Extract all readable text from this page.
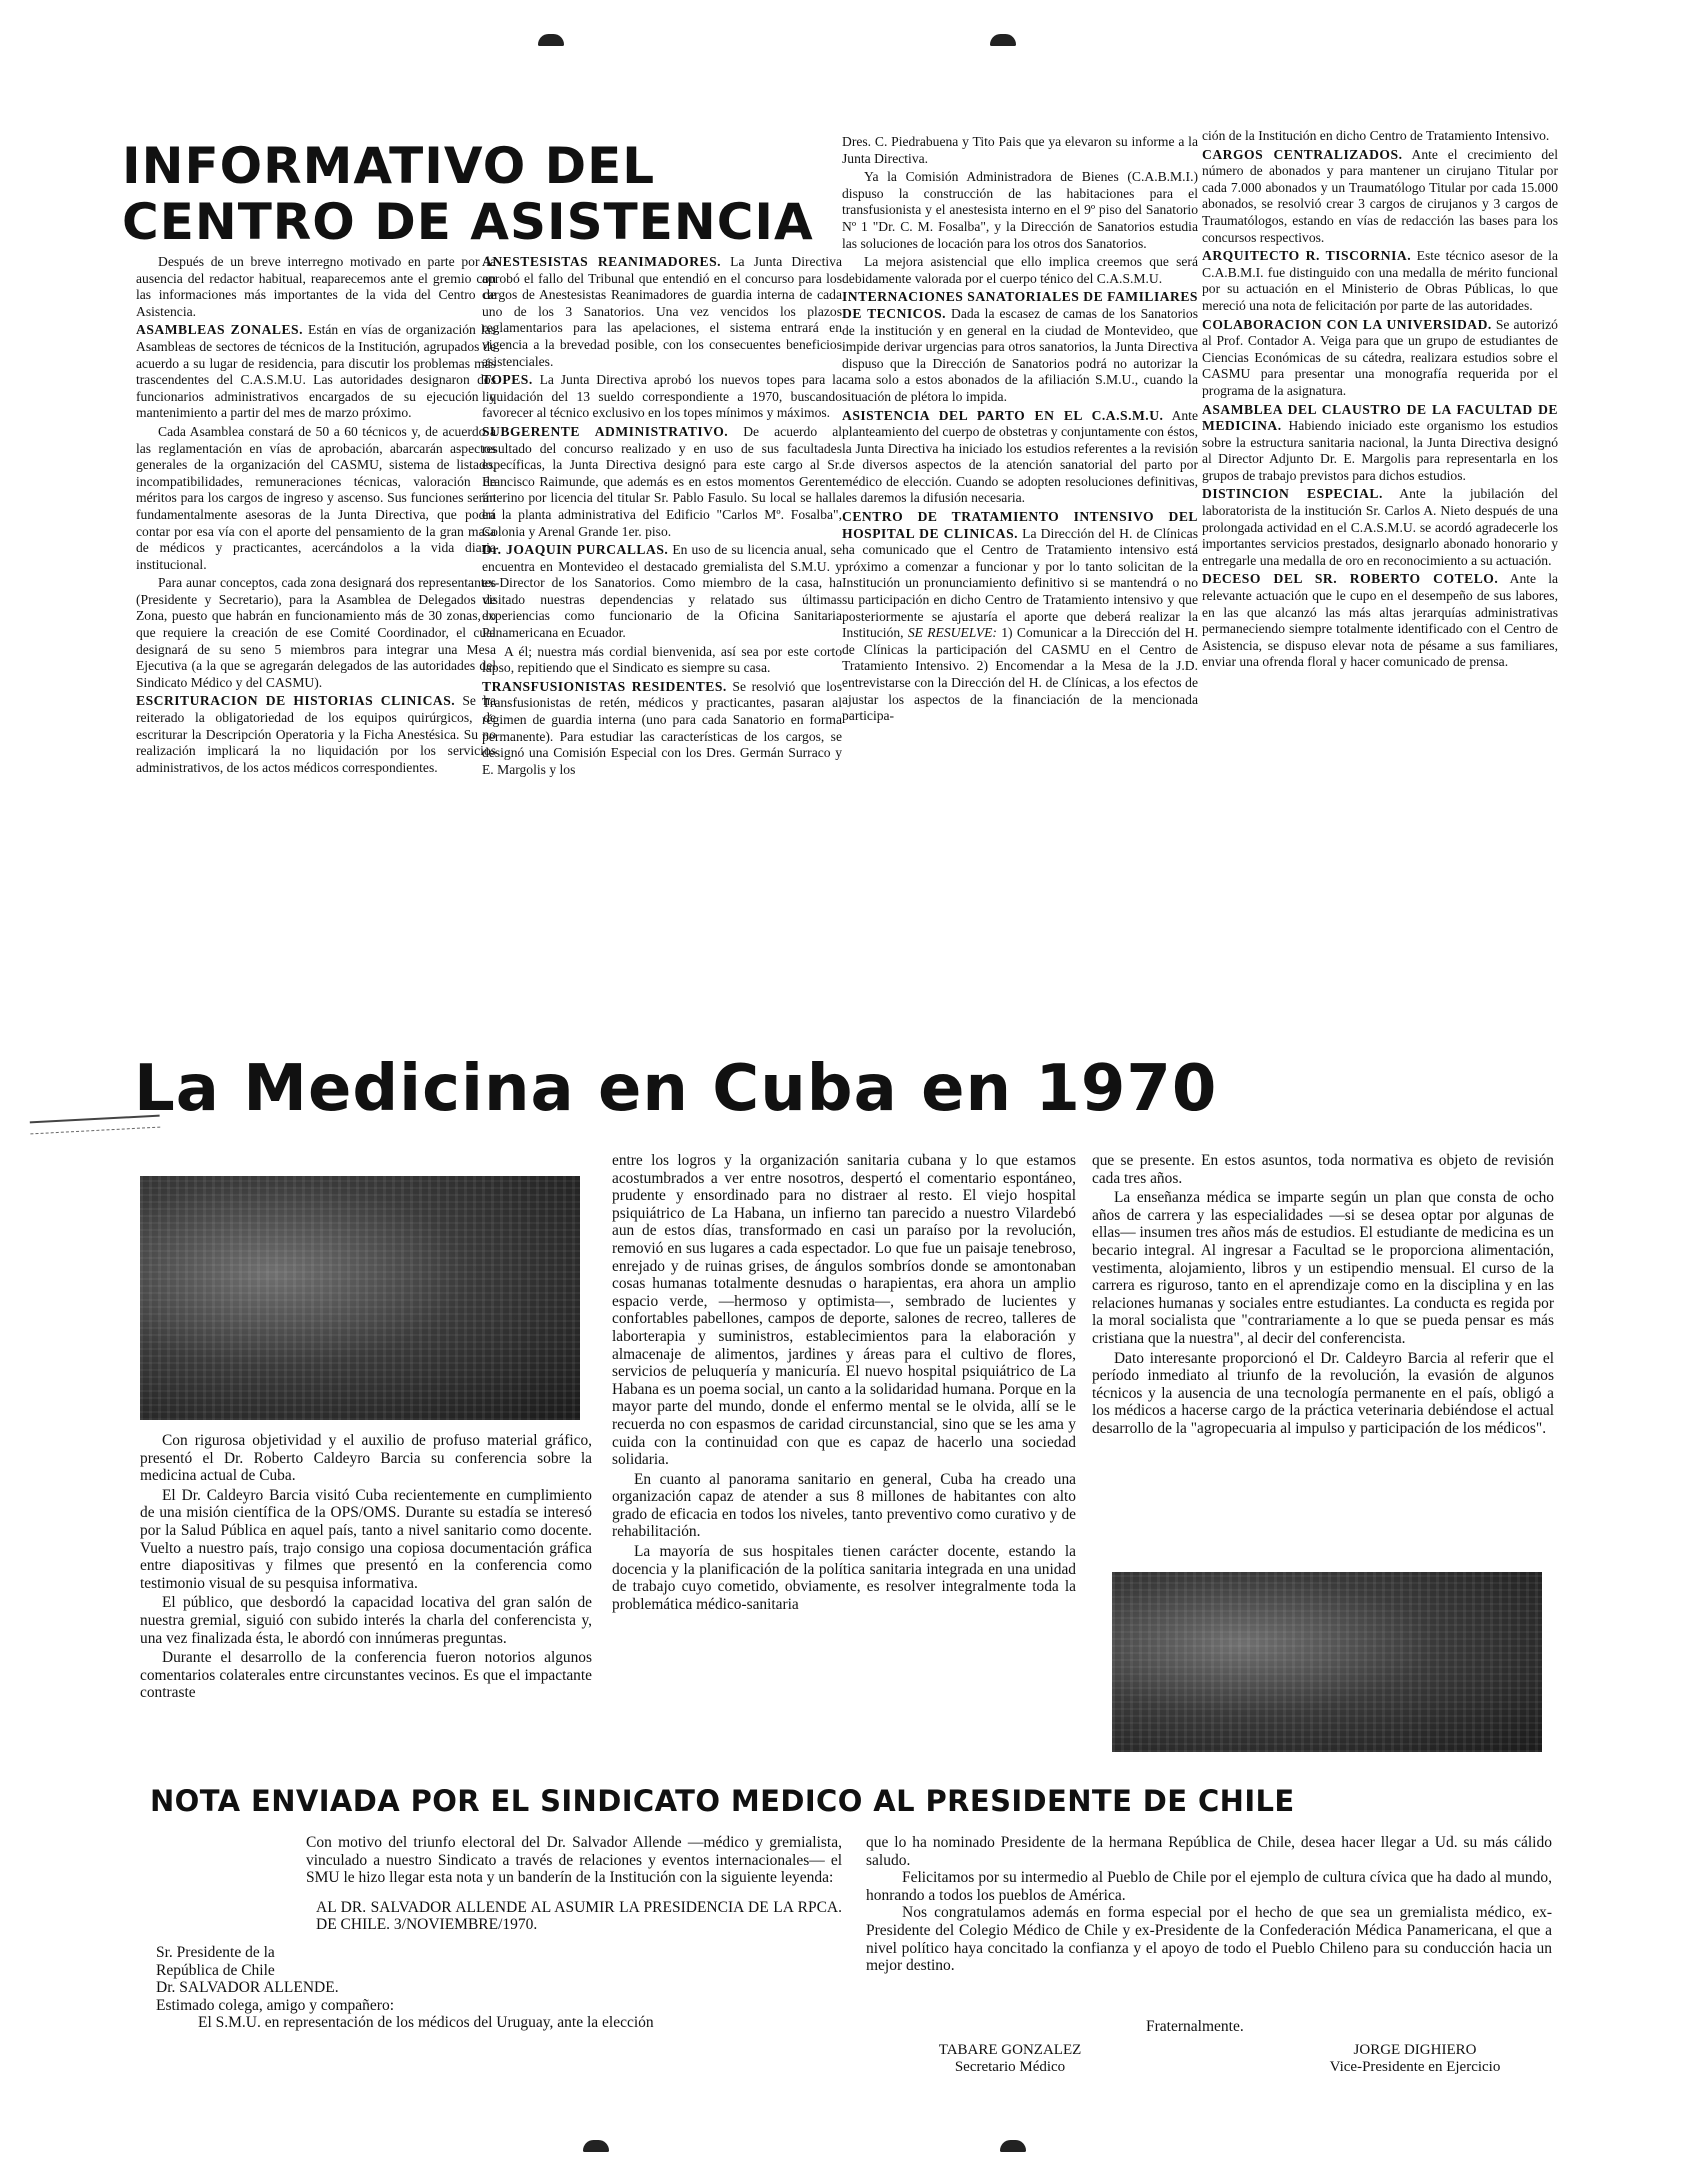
INFORMATIVO DEL
CENTRO DE ASISTENCIA

Después de un breve interregno motivado en parte por la ausencia del redactor habitual, reaparecemos ante el gremio con las informaciones más importantes de la vida del Centro de Asistencia.

ASAMBLEAS ZONALES. Están en vías de organización las Asambleas de sectores de técnicos de la Institución, agrupados de acuerdo a su lugar de residencia, para discutir los problemas más trascendentes del C.A.S.M.U. Las autoridades designaron dos funcionarios administrativos encargados de su ejecución y mantenimiento a partir del mes de marzo próximo.

Cada Asamblea constará de 50 a 60 técnicos y, de acuerdo a las reglamentación en vías de aprobación, abarcarán aspectos generales de la organización del CASMU, sistema de listado, incompatibilidades, remuneraciones técnicas, valoración de méritos para los cargos de ingreso y ascenso. Sus funciones serán fundamentalmente asesoras de la Junta Directiva, que podrá contar por esa vía con el aporte del pensamiento de la gran masa de médicos y practicantes, acercándolos a la vida diaria institucional.

Para aunar conceptos, cada zona designará dos representantes (Presidente y Secretario), para la Asamblea de Delegados de Zona, puesto que habrán en funcionamiento más de 30 zonas, lo que requiere la creación de ese Comité Coordinador, el cual designará de su seno 5 miembros para integrar una Mesa Ejecutiva (a la que se agregarán delegados de las autoridades del Sindicato Médico y del CASMU).

ESCRITURACION DE HISTORIAS CLINICAS. Se ha reiterado la obligatoriedad de los equipos quirúrgicos, de escriturar la Descripción Operatoria y la Ficha Anestésica. Su no realización implicará la no liquidación por los servicios administrativos, de los actos médicos correspondientes.

ANESTESISTAS REANIMADORES. La Junta Directiva aprobó el fallo del Tribunal que entendió en el concurso para los cargos de Anestesistas Reanimadores de guardia interna de cada uno de los 3 Sanatorios. Una vez vencidos los plazos reglamentarios para las apelaciones, el sistema entrará en vigencia a la brevedad posible, con los consecuentes beneficios asistenciales.

TOPES. La Junta Directiva aprobó los nuevos topes para la liquidación del 13 sueldo correspondiente a 1970, buscando favorecer al técnico exclusivo en los topes mínimos y máximos.

SUBGERENTE ADMINISTRATIVO. De acuerdo al resultado del concurso realizado y en uso de sus facultades específicas, la Junta Directiva designó para este cargo al Sr. Francisco Raimunde, que además es en estos momentos Gerente interino por licencia del titular Sr. Pablo Fasulo. Su local se halla en la planta administrativa del Edificio "Carlos Mº. Fosalba", Colonia y Arenal Grande 1er. piso.

Dr. JOAQUIN PURCALLAS. En uso de su licencia anual, se encuentra en Montevideo el destacado gremialista del S.M.U. y ex-Director de los Sanatorios. Como miembro de la casa, ha visitado nuestras dependencias y relatado sus últimas experiencias como funcionario de la Oficina Sanitaria Panamericana en Ecuador.

A él; nuestra más cordial bienvenida, así sea por este corto lapso, repitiendo que el Sindicato es siempre su casa.

TRANSFUSIONISTAS RESIDENTES. Se resolvió que los Transfusionistas de retén, médicos y practicantes, pasaran al régimen de guardia interna (uno para cada Sanatorio en forma permanente). Para estudiar las características de los cargos, se designó una Comisión Especial con los Dres. Germán Surraco y E. Margolis y los

Dres. C. Piedrabuena y Tito Pais que ya elevaron su informe a la Junta Directiva.

Ya la Comisión Administradora de Bienes (C.A.B.M.I.) dispuso la construcción de las habitaciones para el transfusionista y el anestesista interno en el 9º piso del Sanatorio Nº 1 "Dr. C. M. Fosalba", y la Dirección de Sanatorios estudia las soluciones de locación para los otros dos Sanatorios.

La mejora asistencial que ello implica creemos que será debidamente valorada por el cuerpo ténico del C.A.S.M.U.

INTERNACIONES SANATORIALES DE FAMILIARES DE TECNICOS. Dada la escasez de camas de los Sanatorios de la institución y en general en la ciudad de Montevideo, que impide derivar urgencias para otros sanatorios, la Junta Directiva dispuso que la Dirección de Sanatorios podrá no autorizar la cama solo a estos abonados de la afiliación S.M.U., cuando la situación de plétora lo impida.

ASISTENCIA DEL PARTO EN EL C.A.S.M.U. Ante planteamiento del cuerpo de obstetras y conjuntamente con éstos, la Junta Directiva ha iniciado los estudios referentes a la revisión de diversos aspectos de la atención sanatorial del parto por médico de elección. Cuando se adopten resoluciones definitivas, les daremos la difusión necesaria.

CENTRO DE TRATAMIENTO INTENSIVO DEL HOSPITAL DE CLINICAS. La Dirección del H. de Clínicas ha comunicado que el Centro de Tratamiento intensivo está próximo a comenzar a funcionar y por lo tanto solicitan de la Institución un pronunciamiento definitivo si se mantendrá o no su participación en dicho Centro de Tratamiento intensivo y que posteriormente se ajustaría el aporte que deberá realizar la Institución, SE RESUELVE: 1) Comunicar a la Dirección del H. de Clínicas la participación del CASMU en el Centro de Tratamiento Intensivo. 2) Encomendar a la Mesa de la J.D. entrevistarse con la Dirección del H. de Clínicas, a los efectos de ajustar los aspectos de la financiación de la mencionada participa-

ción de la Institución en dicho Centro de Tratamiento Intensivo.

CARGOS CENTRALIZADOS. Ante el crecimiento del número de abonados y para mantener un cirujano Titular por cada 7.000 abonados y un Traumatólogo Titular por cada 15.000 abonados, se resolvió crear 3 cargos de cirujanos y 3 cargos de Traumatólogos, estando en vías de redacción las bases para los concursos respectivos.

ARQUITECTO R. TISCORNIA. Este técnico asesor de la C.A.B.M.I. fue distinguido con una medalla de mérito funcional por su actuación en el Ministerio de Obras Públicas, lo que mereció una nota de felicitación por parte de las autoridades.

COLABORACION CON LA UNIVERSIDAD. Se autorizó al Prof. Contador A. Veiga para que un grupo de estudiantes de Ciencias Económicas de su cátedra, realizara estudios sobre el CASMU para presentar una monografía requerida por el programa de la asignatura.

ASAMBLEA DEL CLAUSTRO DE LA FACULTAD DE MEDICINA. Habiendo iniciado este organismo los estudios sobre la estructura sanitaria nacional, la Junta Directiva designó al Director Adjunto Dr. E. Margolis para representarla en los grupos de trabajo previstos para dichos estudios.

DISTINCION ESPECIAL. Ante la jubilación del laboratorista de la institución Sr. Carlos A. Nieto después de una prolongada actividad en el C.A.S.M.U. se acordó agradecerle los importantes servicios prestados, designarlo abonado honorario y entregarle una medalla de oro en reconocimiento a su actuación.

DECESO DEL SR. ROBERTO COTELO. Ante la relevante actuación que le cupo en el desempeño de sus labores, en las que alcanzó las más altas jerarquías administrativas permaneciendo siempre totalmente identificado con el Centro de Asistencia, se dispuso elevar nota de pésame a sus familiares, enviar una ofrenda floral y hacer comunicado de prensa.

La Medicina en Cuba en 1970

Con rigurosa objetividad y el auxilio de profuso material gráfico, presentó el Dr. Roberto Caldeyro Barcia su conferencia sobre la medicina actual de Cuba.

El Dr. Caldeyro Barcia visitó Cuba recientemente en cumplimiento de una misión científica de la OPS/OMS. Durante su estadía se interesó por la Salud Pública en aquel país, tanto a nivel sanitario como docente. Vuelto a nuestro país, trajo consigo una copiosa documentación gráfica entre diapositivas y filmes que presentó en la conferencia como testimonio visual de su pesquisa informativa.

El público, que desbordó la capacidad locativa del gran salón de nuestra gremial, siguió con subido interés la charla del conferencista y, una vez finalizada ésta, le abordó con innúmeras preguntas.

Durante el desarrollo de la conferencia fueron notorios algunos comentarios colaterales entre circunstantes vecinos. Es que el impactante contraste

entre los logros y la organización sanitaria cubana y lo que estamos acostumbrados a ver entre nosotros, despertó el comentario espontáneo, prudente y ensordinado para no distraer al resto. El viejo hospital psiquiátrico de La Habana, un infierno tan parecido a nuestro Vilardebó aun de estos días, transformado en casi un paraíso por la revolución, removió en sus lugares a cada espectador. Lo que fue un paisaje tenebroso, enrejado y de ruinas grises, de ángulos sombríos donde se amontonaban cosas humanas totalmente desnudas o harapientas, era ahora un amplio espacio verde, —hermoso y optimista—, sembrado de lucientes y confortables pabellones, campos de deporte, salones de recreo, talleres de laborterapia y suministros, establecimientos para la elaboración y almacenaje de alimentos, jardines y áreas para el cultivo de flores, servicios de peluquería y manicuría. El nuevo hospital psiquiátrico de La Habana es un poema social, un canto a la solidaridad humana. Porque en la mayor parte del mundo, donde el enfermo mental se le olvida, allí se le recuerda no con espasmos de caridad circunstancial, sino que se les ama y cuida con la continuidad con que es capaz de hacerlo una sociedad solidaria.

En cuanto al panorama sanitario en general, Cuba ha creado una organización capaz de atender a sus 8 millones de habitantes con alto grado de eficacia en todos los niveles, tanto preventivo como curativo y de rehabilitación.

La mayoría de sus hospitales tienen carácter docente, estando la docencia y la planificación de la política sanitaria integrada en una unidad de trabajo cuyo cometido, obviamente, es resolver integralmente toda la problemática médico-sanitaria

que se presente. En estos asuntos, toda normativa es objeto de revisión cada tres años.

La enseñanza médica se imparte según un plan que consta de ocho años de carrera y las especialidades —si se desea optar por algunas de ellas— insumen tres años más de estudios. El estudiante de medicina es un becario integral. Al ingresar a Facultad se le proporciona alimentación, vestimenta, alojamiento, libros y un estipendio mensual. El curso de la carrera es riguroso, tanto en el aprendizaje como en la disciplina y en las relaciones humanas y sociales entre estudiantes. La conducta es regida por la moral socialista que "contrariamente a lo que se pueda pensar es más cristiana que la nuestra", al decir del conferencista.

Dato interesante proporcionó el Dr. Caldeyro Barcia al referir que el período inmediato al triunfo de la revolución, la evasión de algunos técnicos y la ausencia de una tecnología permanente en el país, obligó a los médicos a hacerse cargo de la práctica veterinaria debiéndose el actual desarrollo de la "agropecuaria al impulso y participación de los médicos".

NOTA ENVIADA POR EL SINDICATO MEDICO AL PRESIDENTE DE CHILE

Con motivo del triunfo electoral del Dr. Salvador Allende —médico y gremialista, vinculado a nuestro Sindicato a través de relaciones y eventos internacionales— el SMU le hizo llegar esta nota y un banderín de la Institución con la siguiente leyenda:

AL DR. SALVADOR ALLENDE AL ASUMIR LA PRESIDENCIA DE LA RPCA. DE CHILE. 3/NOVIEMBRE/1970.

Sr. Presidente de la

República de Chile

Dr. SALVADOR ALLENDE.

Estimado colega, amigo y compañero:

El S.M.U. en representación de los médicos del Uruguay, ante la elección

que lo ha nominado Presidente de la hermana República de Chile, desea hacer llegar a Ud. su más cálido saludo.

Felicitamos por su intermedio al Pueblo de Chile por el ejemplo de cultura cívica que ha dado al mundo, honrando a todos los pueblos de América.

Nos congratulamos además en forma especial por el hecho de que sea un gremialista médico, ex-Presidente del Colegio Médico de Chile y ex-Presidente de la Confederación Médica Panamericana, el que a nivel político haya concitado la confianza y el apoyo de todo el Pueblo Chileno para su conducción hacia un mejor destino.

Fraternalmente.
TABARE GONZALEZ
Secretario Médico
JORGE DIGHIERO
Vice-Presidente en Ejercicio
